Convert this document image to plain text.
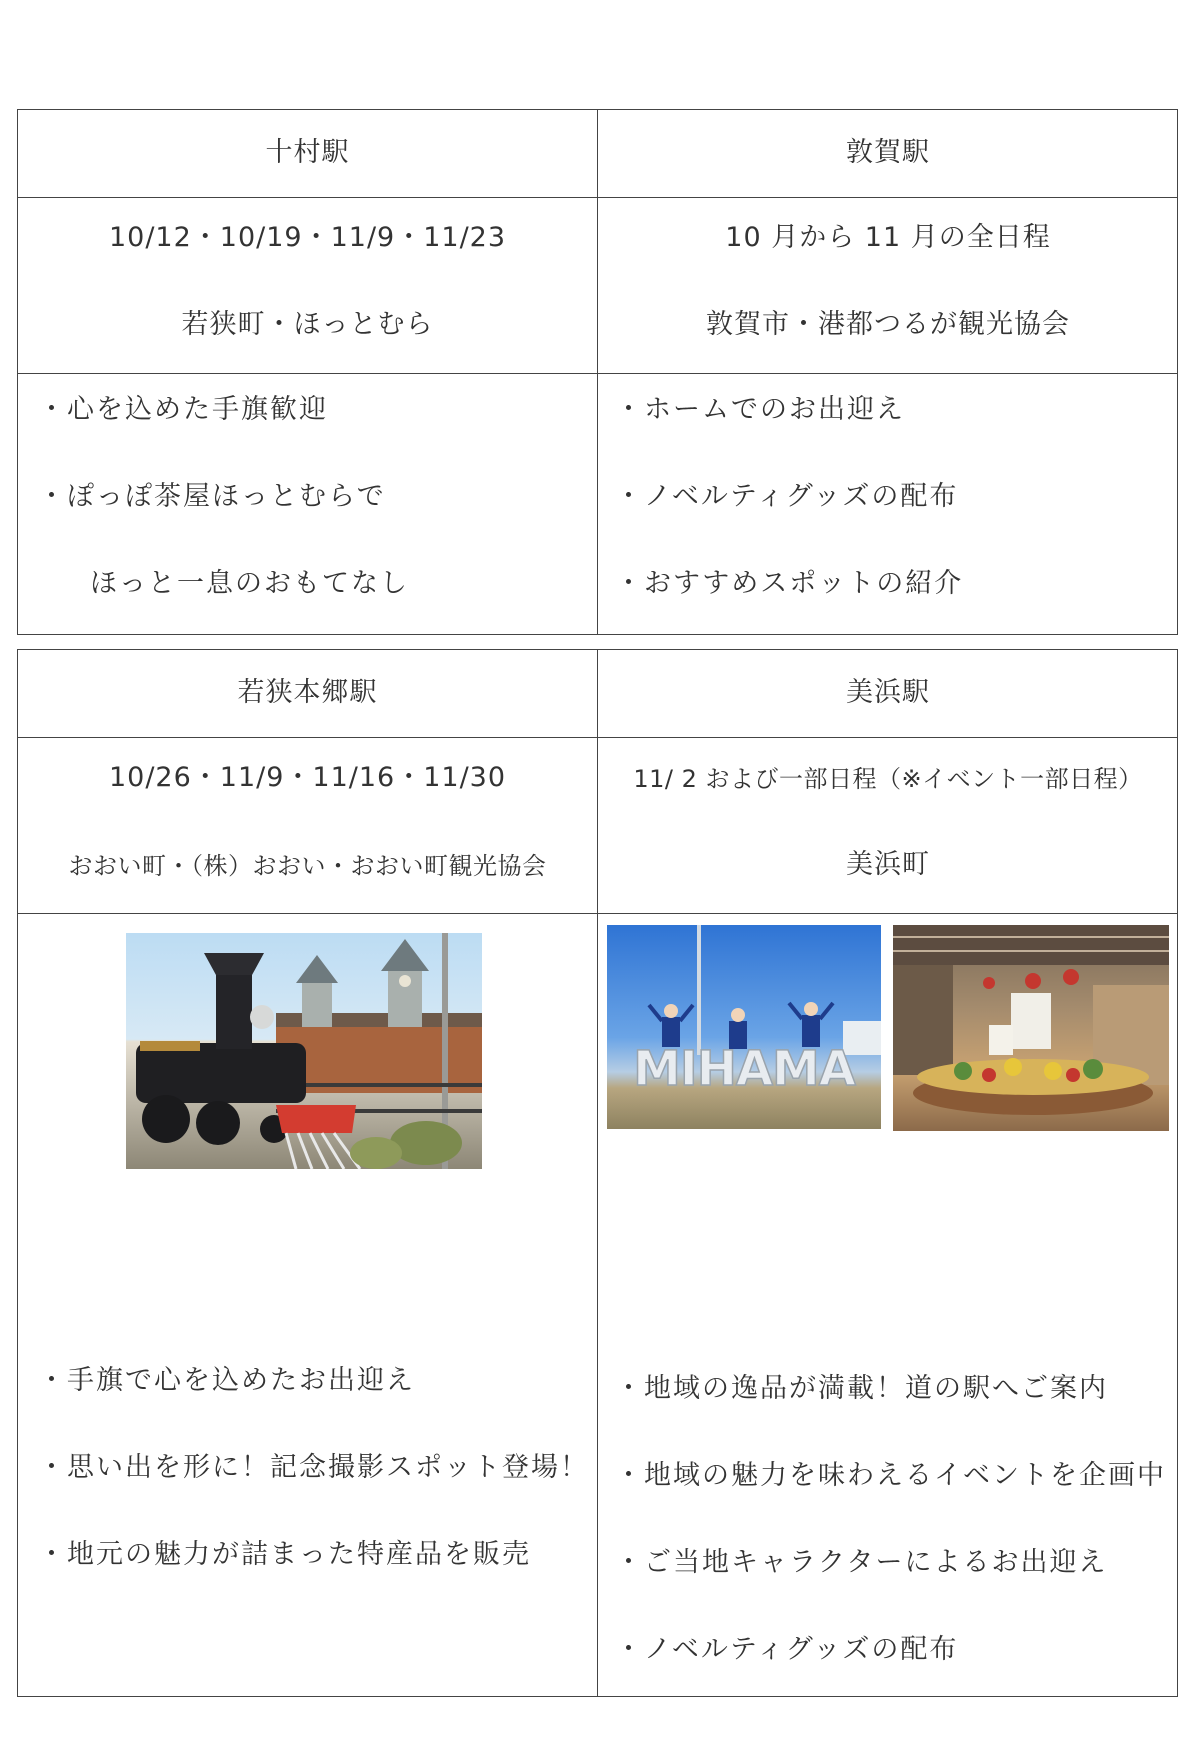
十村駅
10/12・10/19・11/9・11/23
若狭町・ほっとむら
・心を込めた手旗歓迎
・ぽっぽ茶屋ほっとむらで
ほっと一息のおもてなし
敦賀駅
10 月から 11 月の全日程
敦賀市・港都つるが観光協会
・ホームでのお出迎え
・ノベルティグッズの配布
・おすすめスポットの紹介
若狭本郷駅
10/26・11/9・11/16・11/30
おおい町・（株）おおい・おおい町観光協会
・手旗で心を込めたお出迎え
・思い出を形に！記念撮影スポット登場！
・地元の魅力が詰まった特産品を販売
美浜駅
11/ 2 および一部日程（※イベント一部日程）
美浜町
・地域の逸品が満載！道の駅へご案内
・地域の魅力を味わえるイベントを企画中
・ご当地キャラクターによるお出迎え
・ノベルティグッズの配布
MIHAMA
